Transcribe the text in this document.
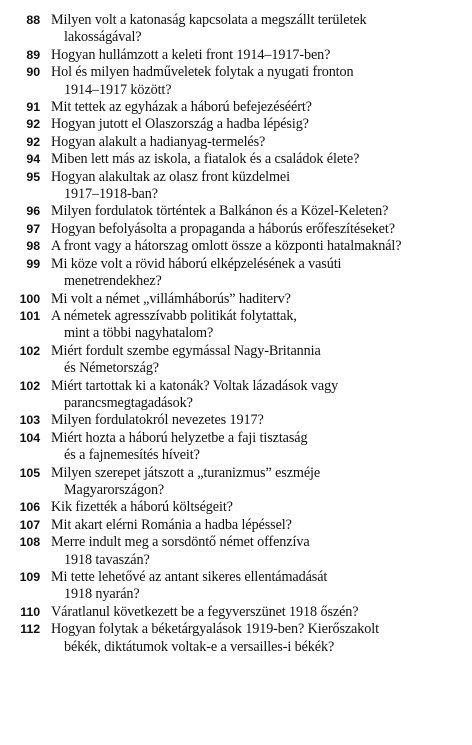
88 Milyen volt a katonaság kapcsolata a megszállt területek
lakosságával?
89 Hogyan hullámzott a keleti front 1914–1917-ben?
90 Hol és milyen hadműveletek folytak a nyugati fronton
1914–1917 között?
91 Mit tettek az egyházak a háború befejezéséért?
92 Hogyan jutott el Olaszország a hadba lépésig?
92 Hogyan alakult a hadianyag-termelés?
94 Miben lett más az iskola, a fiatalok és a családok élete?
95 Hogyan alakultak az olasz front küzdelmei
1917–1918-ban?
96 Milyen fordulatok történtek a Balkánon és a Közel-Keleten?
97 Hogyan befolyásolta a propaganda a háborús erőfeszítéseket?
98 A front vagy a hátorszag omlott össze a központi hatalmaknál?
99 Mi köze volt a rövid háború elképzelésének a vasúti
menetrendekhez?
100 Mi volt a német „villámháborús” haditerv?
101 A németek agresszívabb politikát folytattak,
mint a többi nagyhatalom?
102 Miért fordult szembe egymással Nagy-Britannia
és Németország?
102 Miért tartottak ki a katonák? Voltak lázadások vagy
parancsmegtagadások?
103 Milyen fordulatokról nevezetes 1917?
104 Miért hozta a háború helyzetbe a faji tisztaság
és a fajnemesítés híveit?
105 Milyen szerepet játszott a „turanizmus” eszméje
Magyarországon?
106 Kik fizették a háború költségeit?
107 Mit akart elérni Románia a hadba lépéssel?
108 Merre indult meg a sorsdöntő német offenzíva
1918 tavaszán?
109 Mi tette lehetővé az antant sikeres ellentámadását
1918 nyarán?
110 Váratlanul következett be a fegyverszünet 1918 őszén?
112 Hogyan folytak a béketárgyalások 1919-ben? Kierőszakolt
békék, diktátumok voltak-e a versailles-i békék?
